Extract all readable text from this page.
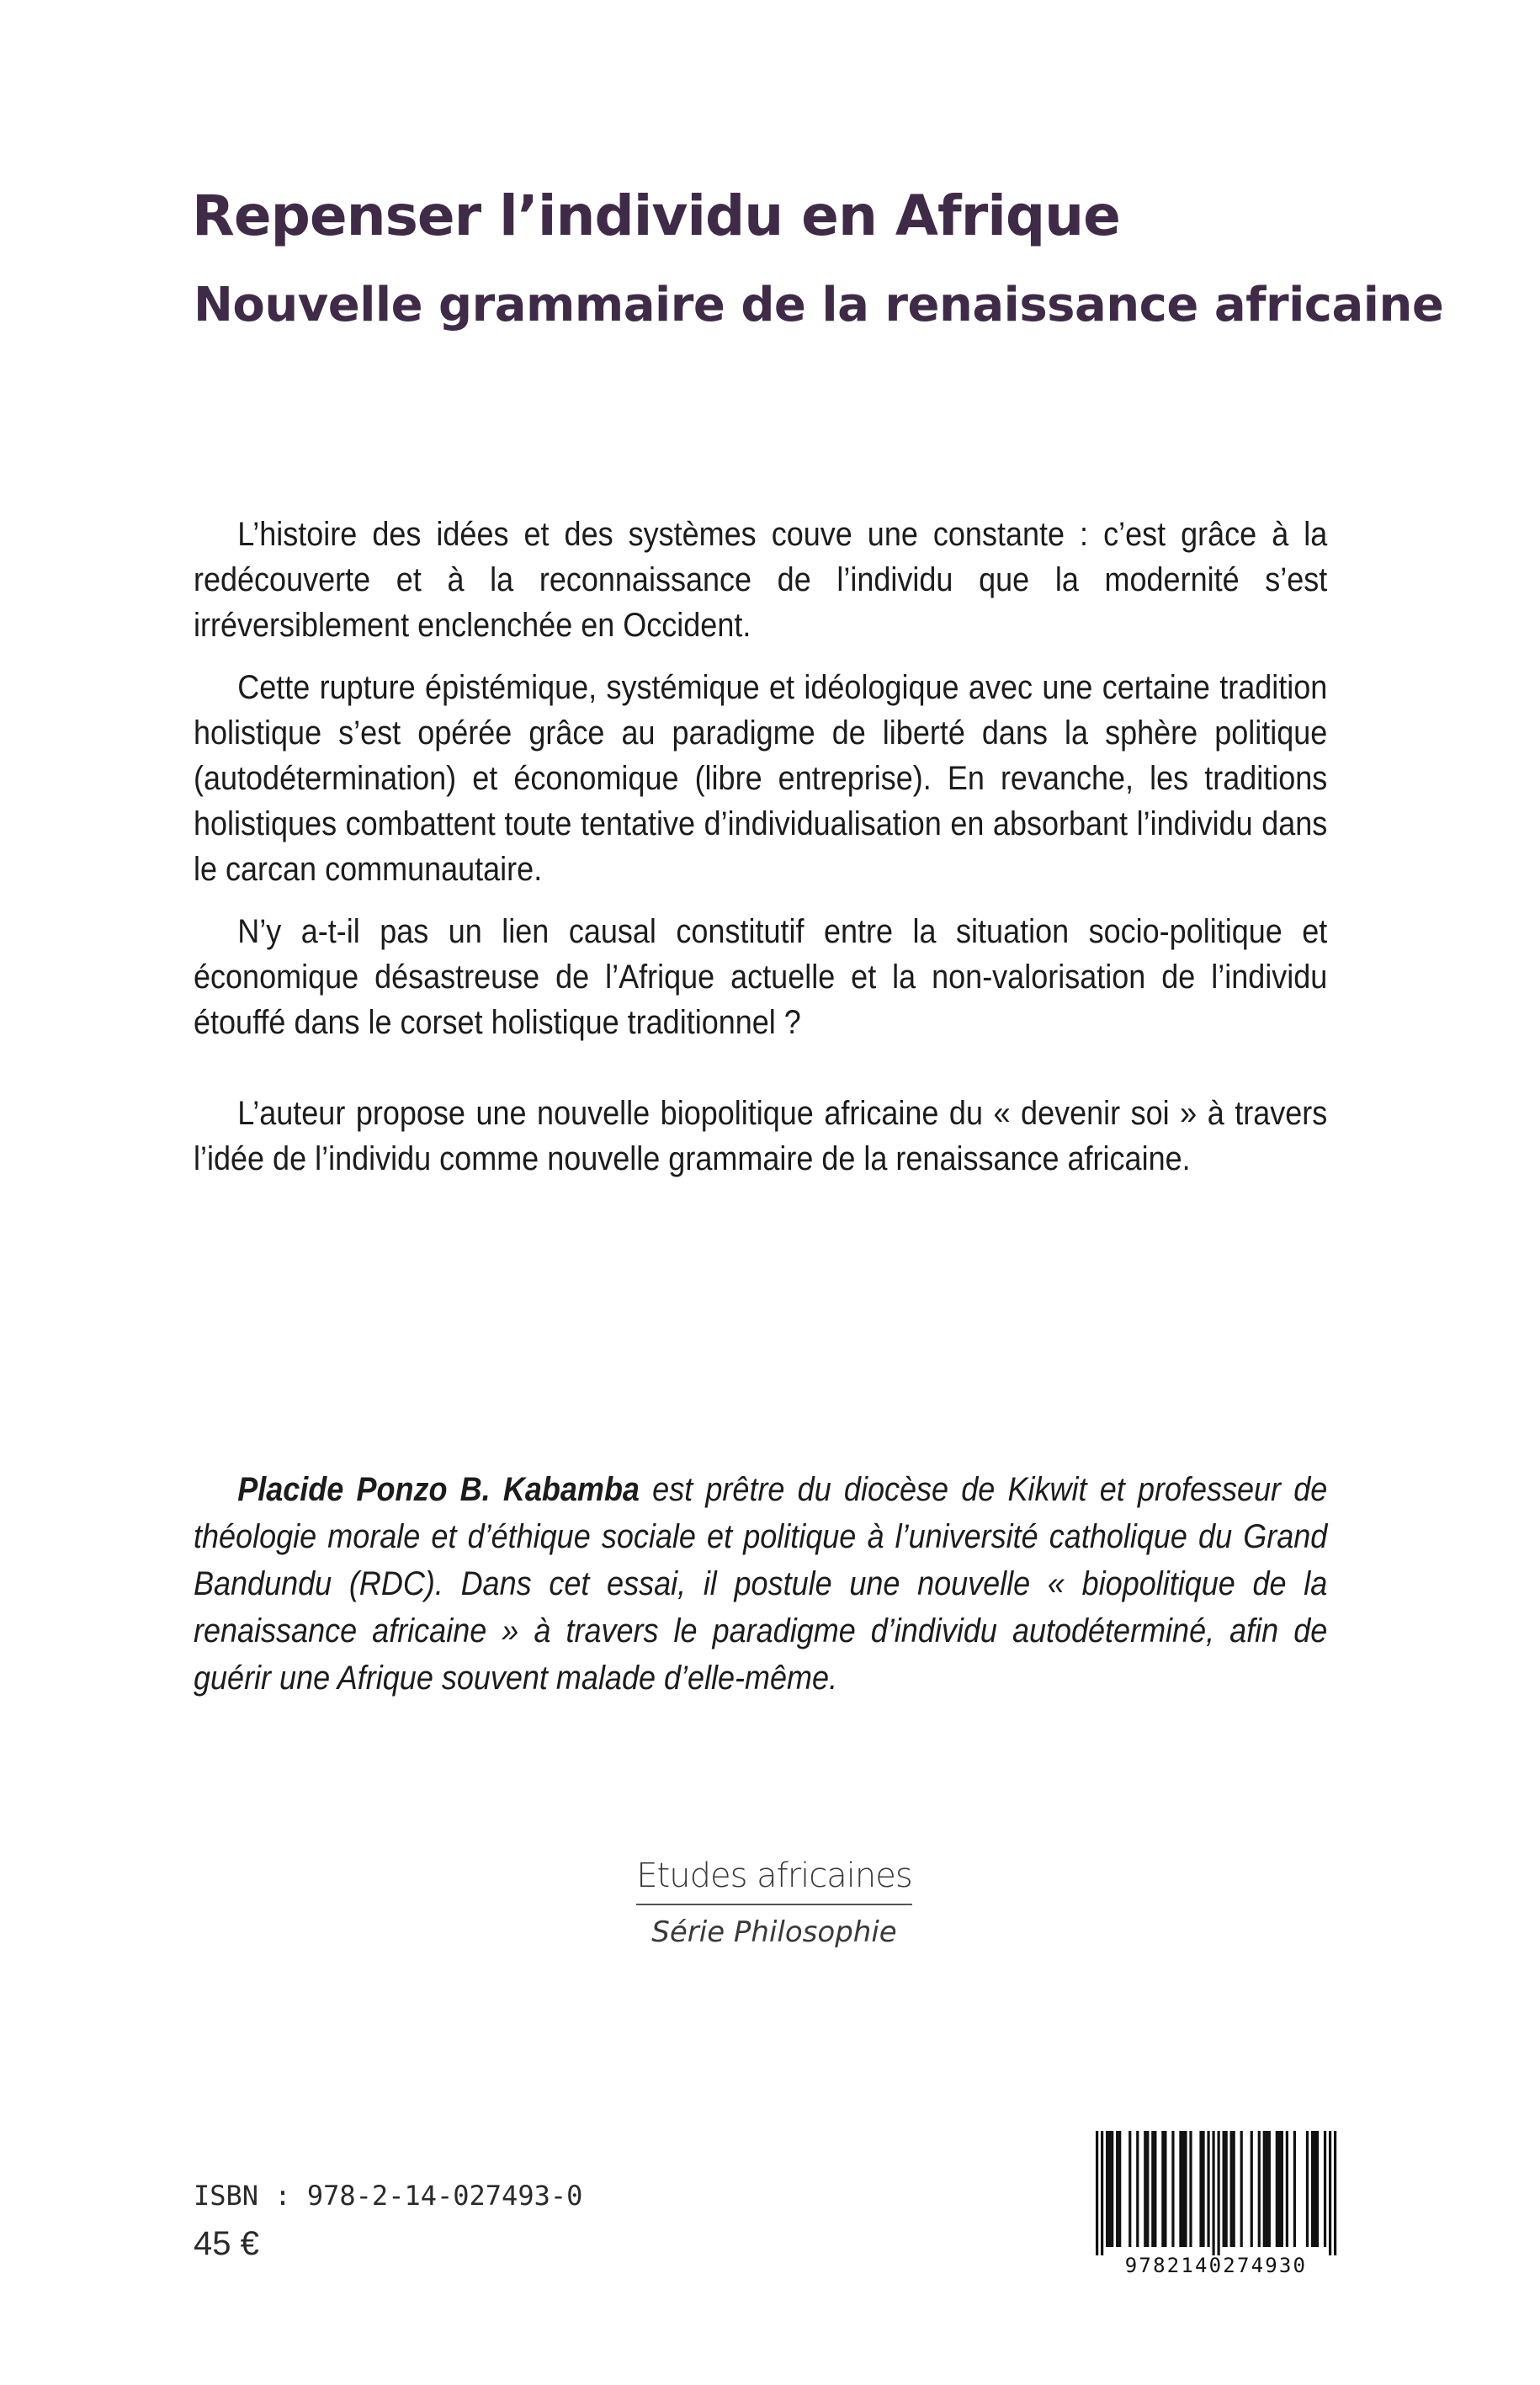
Repenser l’individu en Afrique
Nouvelle grammaire de la renaissance africaine

L’histoire des idées et des systèmes couve une constante : c’est grâce à la redécouverte et à la reconnaissance de l’individu que la modernité s’est irréversiblement enclenchée en Occident.

Cette rupture épistémique, systémique et idéologique avec une certaine tradition holistique s’est opérée grâce au paradigme de liberté dans la sphère politique (autodétermination) et économique (libre entreprise). En revanche, les traditions holistiques combattent toute tentative d’individualisation en absorbant l’individu dans le carcan communautaire.

N’y a-t-il pas un lien causal constitutif entre la situation socio-politique et économique désastreuse de l’Afrique actuelle et la non-valorisation de l’individu étouffé dans le corset holistique traditionnel ?

L’auteur propose une nouvelle biopolitique africaine du « devenir soi » à travers l’idée de l’individu comme nouvelle grammaire de la renaissance africaine.

Placide Ponzo B. Kabamba est prêtre du diocèse de Kikwit et professeur de théologie morale et d’éthique sociale et politique à l’université catholique du Grand Bandundu (RDC). Dans cet essai, il postule une nouvelle « biopolitique de la renaissance africaine » à travers le paradigme d’individu autodéterminé, afin de guérir une Afrique souvent malade d’elle-même.

Etudes africaines
Série Philosophie
ISBN : 978-2-14-027493-0
45 €
9782140274930
